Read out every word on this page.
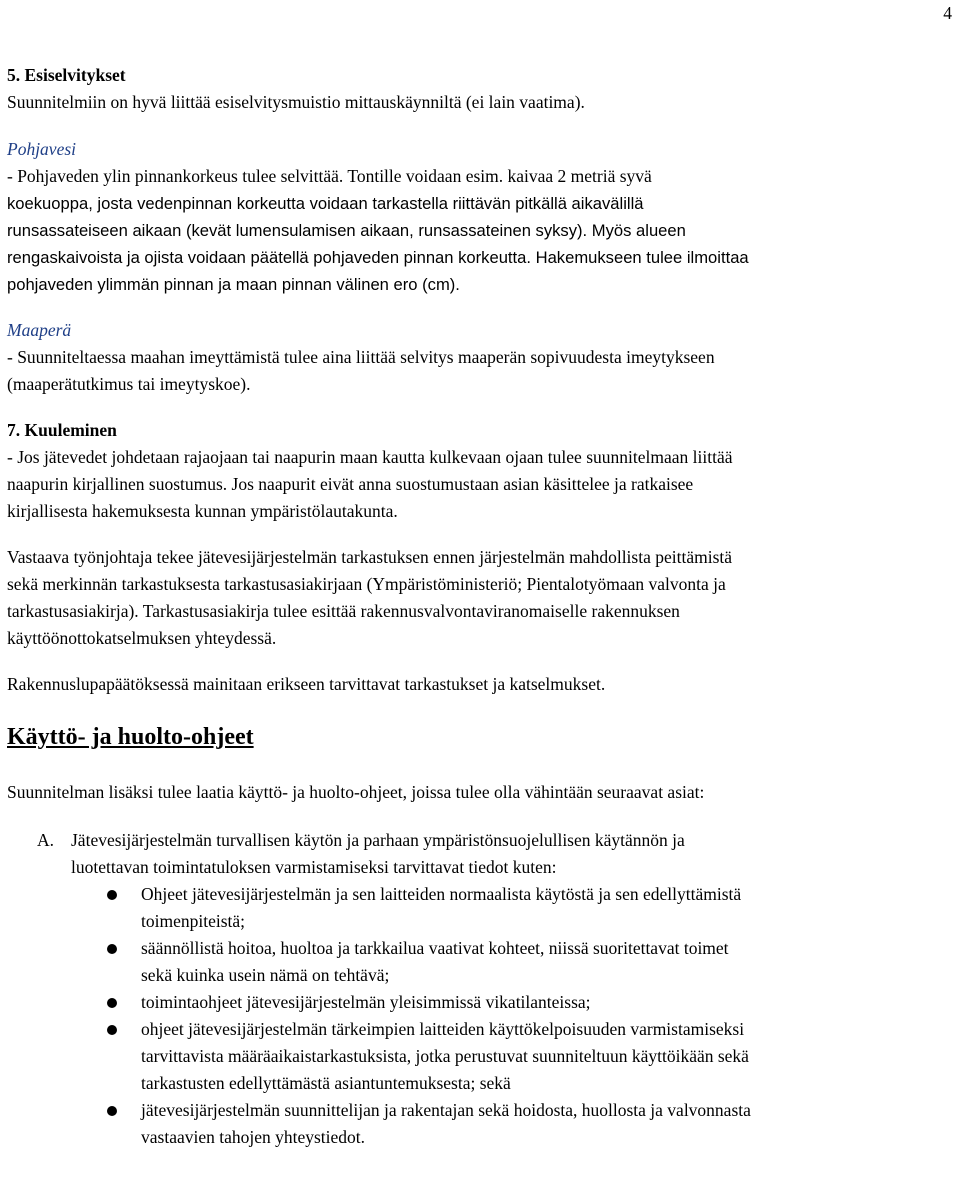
4

5. Esiselvitykset

Suunnitelmiin on hyvä liittää esiselvitysmuistio mittauskäynniltä (ei lain vaatima).

Pohjavesi

- Pohjaveden ylin pinnankorkeus tulee selvittää. Tontille voidaan esim. kaivaa 2 metriä syvä

koekuoppa, josta vedenpinnan korkeutta voidaan tarkastella riittävän pitkällä aikavälillä

runsassateiseen aikaan (kevät lumensulamisen aikaan, runsassateinen syksy). Myös alueen

rengaskaivoista ja ojista voidaan päätellä pohjaveden pinnan korkeutta. Hakemukseen tulee ilmoittaa

pohjaveden ylimmän pinnan ja maan pinnan välinen ero (cm).

Maaperä

- Suunniteltaessa maahan imeyttämistä tulee aina liittää selvitys maaperän sopivuudesta imeytykseen

(maaperätutkimus tai imeytyskoe).

7. Kuuleminen

- Jos jätevedet johdetaan rajaojaan tai naapurin maan kautta kulkevaan ojaan tulee suunnitelmaan liittää

naapurin kirjallinen suostumus. Jos naapurit eivät anna suostumustaan asian käsittelee ja ratkaisee

kirjallisesta hakemuksesta kunnan ympäristölautakunta.

Vastaava työnjohtaja tekee jätevesijärjestelmän tarkastuksen ennen järjestelmän mahdollista peittämistä

sekä merkinnän tarkastuksesta tarkastusasiakirjaan (Ympäristöministeriö; Pientalotyömaan valvonta ja

tarkastusasiakirja). Tarkastusasiakirja tulee esittää rakennusvalvontaviranomaiselle rakennuksen

käyttöönottokatselmuksen yhteydessä.

Rakennuslupapäätöksessä mainitaan erikseen tarvittavat tarkastukset ja katselmukset.

Käyttö- ja huolto-ohjeet

Suunnitelman lisäksi tulee laatia käyttö- ja huolto-ohjeet, joissa tulee olla vähintään seuraavat asiat:

A. Jätevesijärjestelmän turvallisen käytön ja parhaan ympäristönsuojelullisen käytännön ja

luotettavan toimintatuloksen varmistamiseksi tarvittavat tiedot kuten:

Ohjeet jätevesijärjestelmän ja sen laitteiden normaalista käytöstä ja sen edellyttämistä

toimenpiteistä;

säännöllistä hoitoa, huoltoa ja tarkkailua vaativat kohteet, niissä suoritettavat toimet

sekä kuinka usein nämä on tehtävä;

toimintaohjeet jätevesijärjestelmän yleisimmissä vikatilanteissa;

ohjeet jätevesijärjestelmän tärkeimpien laitteiden käyttökelpoisuuden varmistamiseksi

tarvittavista määräaikaistarkastuksista, jotka perustuvat suunniteltuun käyttöikään sekä

tarkastusten edellyttämästä asiantuntemuksesta; sekä

jätevesijärjestelmän suunnittelijan ja rakentajan sekä hoidosta, huollosta ja valvonnasta

vastaavien tahojen yhteystiedot.
